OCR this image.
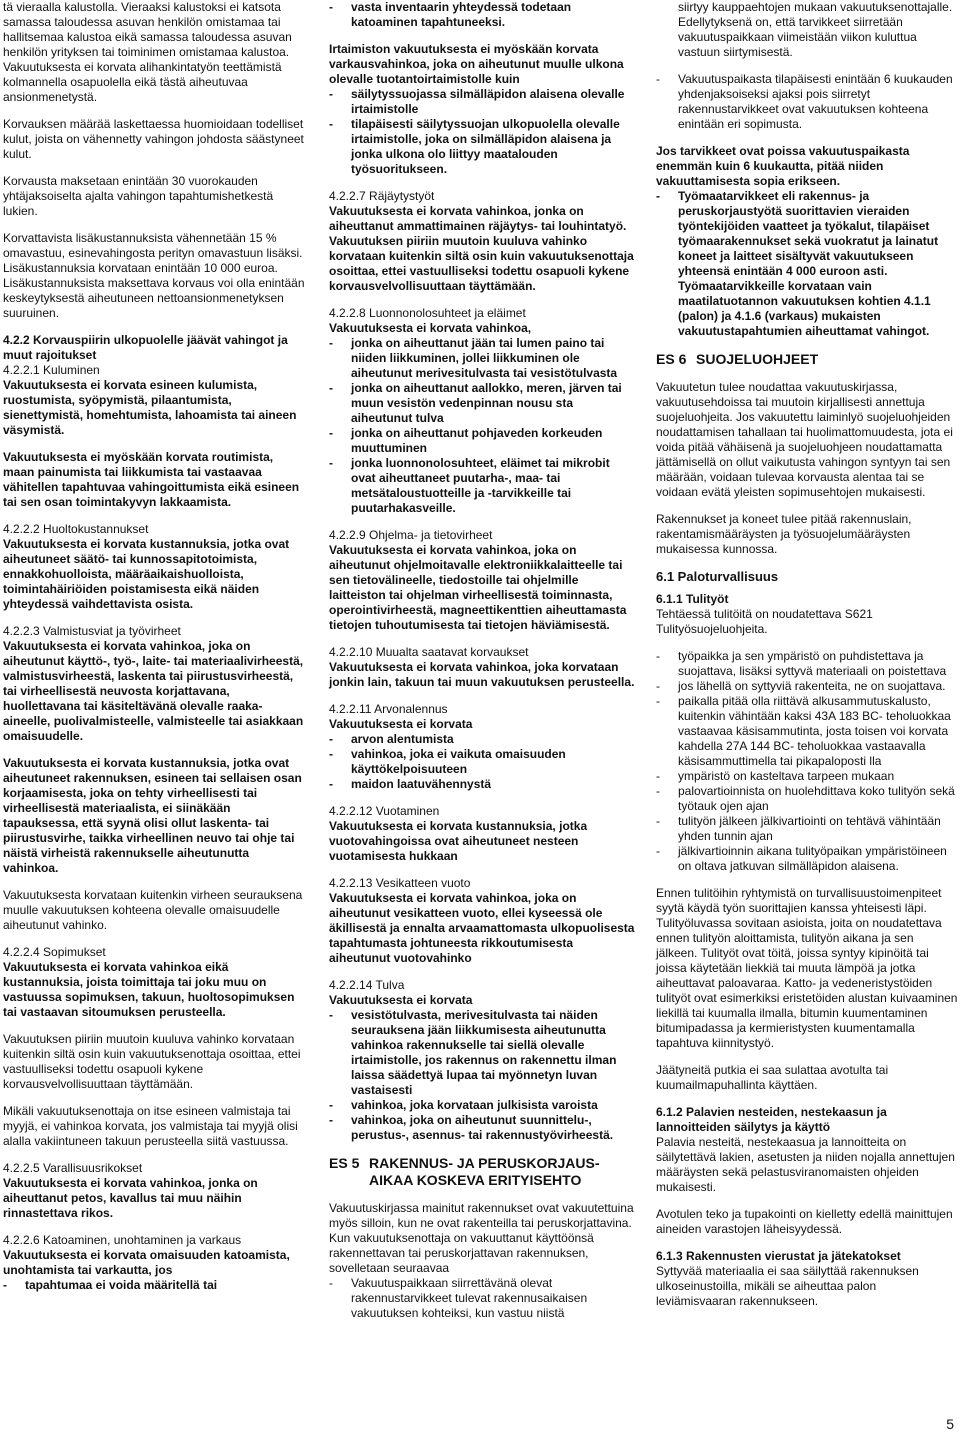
tä vieraalla kalustolla. Vieraaksi kalustoksi ei katsota samassa taloudessa asuvan henkilön omistamaa tai hallitsemaa kalustoa eikä samassa taloudessa asuvan henkilön yrityksen tai toiminimen omistamaa kalustoa. Vakuutuksesta ei korvata alihankintatyön teettämistä kolmannella osapuolella eikä tästä aiheutuvaa ansionmenetystä.

Korvauksen määrää laskettaessa huomioidaan todelliset kulut, joista on vähennetty vahingon johdosta säästyneet kulut.

Korvausta maksetaan enintään 30 vuorokauden yhtäjaksoiselta ajalta vahingon tapahtumishetkestä lukien.

Korvattavista lisäkustannuksista vähennetään 15 % omavastuu, esinevahingosta perityn omavastuun lisäksi. Lisäkustannuksia korvataan enintään 10 000 euroa. Lisäkustannuksista maksettava korvaus voi olla enintään keskeytyksestä aiheutuneen nettoansionmenetyksen suuruinen.

4.2.2 Korvauspiirin ulkopuolelle jäävät vahingot ja muut rajoitukset

4.2.2.1 Kuluminen

Vakuutuksesta ei korvata esineen kulumista, ruostumista, syöpymistä, pilaantumista, sienettymistä, homehtumista, lahoamista tai aineen väsymistä.

Vakuutuksesta ei myöskään korvata routimista, maan painumista tai liikkumista tai vastaavaa vähitellen tapahtuvaa vahingoittumista eikä esineen tai sen osan toimintakyvyn lakkaamista.

4.2.2.2 Huoltokustannukset

Vakuutuksesta ei korvata kustannuksia, jotka ovat aiheutuneet säätö- tai kunnossapitotoimista, ennakkohuolloista, määräaikaishuolloista, toimintahäiriöiden poistamisesta eikä näiden yhteydessä vaihdettavista osista.

4.2.2.3 Valmistusviat ja työvirheet

Vakuutuksesta ei korvata vahinkoa, joka on aiheutunut käyttö-, työ-, laite- tai materiaalivirheestä, valmistusvirheestä, laskenta tai piirustusvirheestä, tai virheellisestä neuvosta korjattavana, huollettavana tai käsiteltävänä olevalle raaka-aineelle, puolivalmisteelle, valmisteelle tai asiakkaan omaisuudelle.

Vakuutuksesta ei korvata kustannuksia, jotka ovat aiheutuneet rakennuksen, esineen tai sellaisen osan korjaamisesta, joka on tehty virheellisesti tai virheellisestä materiaalista, ei siinäkään tapauksessa, että syynä olisi ollut laskenta- tai piirustusvirhe, taikka virheellinen neuvo tai ohje tai näistä virheistä rakennukselle aiheutunutta vahinkoa.

Vakuutuksesta korvataan kuitenkin virheen seurauksena muulle vakuutuksen kohteena olevalle omaisuudelle aiheutunut vahinko.

4.2.2.4 Sopimukset

Vakuutuksesta ei korvata vahinkoa eikä kustannuksia, joista toimittaja tai joku muu on vastuussa sopimuksen, takuun, huoltosopimuksen tai vastaavan sitoumuksen perusteella.

Vakuutuksen piiriin muutoin kuuluva vahinko korvataan kuitenkin siltä osin kuin vakuutuksenottaja osoittaa, ettei vastuulliseksi todettu osapuoli kykene korvausvelvollisuuttaan täyttämään.

Mikäli vakuutuksenottaja on itse esineen valmistaja tai myyjä, ei vahinkoa korvata, jos valmistaja tai myyjä olisi alalla vakiintuneen takuun perusteella siitä vastuussa.

4.2.2.5 Varallisuusrikokset

Vakuutuksesta ei korvata vahinkoa, jonka on aiheuttanut petos, kavallus tai muu näihin rinnastettava rikos.

4.2.2.6 Katoaminen, unohtaminen ja varkaus

Vakuutuksesta ei korvata omaisuuden katoamista, unohtamista tai varkautta, jos

- tapahtumaa ei voida määritellä tai

- vasta inventaarin yhteydessä todetaan katoaminen tapahtuneeksi.

Irtaimiston vakuutuksesta ei myöskään korvata varkausvahinkoa, joka on aiheutunut muulle ulkona olevalle tuotantoirtaimistolle kuin

- säilytyssuojassa silmälläpidon alaisena olevalle irtaimistolle

- tilapäisesti säilytyssuojan ulkopuolella olevalle irtaimistolle, joka on silmälläpidon alaisena ja jonka ulkona olo liittyy maatalouden työsuoritukseen.

4.2.2.7 Räjäytystyöt

Vakuutuksesta ei korvata vahinkoa, jonka on aiheuttanut ammattimainen räjäytys- tai louhintatyö. Vakuutuksen piiriin muutoin kuuluva vahinko korvataan kuitenkin siltä osin kuin vakuutuksenottaja osoittaa, ettei vastuulliseksi todettu osapuoli kykene korvausvelvollisuuttaan täyttämään.

4.2.2.8 Luonnonolosuhteet ja eläimet

Vakuutuksesta ei korvata vahinkoa,

- jonka on aiheuttanut jään tai lumen paino tai niiden liikkuminen, jollei liikkuminen ole aiheutunut merivesitulvasta tai vesistötulvasta

- jonka on aiheuttanut aallokko, meren, järven tai muun vesistön vedenpinnan nousu sta aiheutunut tulva

- jonka on aiheuttanut pohjaveden korkeuden muuttuminen

- jonka luonnonolosuhteet, eläimet tai mikrobit ovat aiheuttaneet puutarha-, maa- tai metsätaloustuotteille ja -tarvikkeille tai puutarhakasveille.

4.2.2.9 Ohjelma- ja tietovirheet

Vakuutuksesta ei korvata vahinkoa, joka on aiheutunut ohjelmoitavalle elektroniikkalaitteelle tai sen tietovälineelle, tiedostoille tai ohjelmille laitteiston tai ohjelman virheellisestä toiminnasta, operointivirheestä, magneettikenttien aiheuttamasta tietojen tuhoutumisesta tai tietojen häviämisestä.

4.2.2.10 Muualta saatavat korvaukset

Vakuutuksesta ei korvata vahinkoa, joka korvataan jonkin lain, takuun tai muun vakuutuksen perusteella.

4.2.2.11 Arvonalennus

Vakuutuksesta ei korvata

- arvon alentumista

- vahinkoa, joka ei vaikuta omaisuuden käyttökelpoisuuteen

- maidon laatuvähennystä

4.2.2.12 Vuotaminen

Vakuutuksesta ei korvata kustannuksia, jotka vuotovahingoissa ovat aiheutuneet nesteen vuotamisesta hukkaan

4.2.2.13 Vesikatteen vuoto

Vakuutuksesta ei korvata vahinkoa, joka on aiheutunut vesikatteen vuoto, ellei kyseessä ole äkillisestä ja ennalta arvaamattomasta ulkopuolisesta tapahtumasta johtuneesta rikkoutumisesta aiheutunut vuotovahinko

4.2.2.14 Tulva

Vakuutuksesta ei korvata

- vesistötulvasta, merivesitulvasta tai näiden seurauksena jään liikkumisesta aiheutunutta vahinkoa rakennukselle tai siellä olevalle irtaimistolle, jos rakennus on rakennettu ilman laissa säädettyä lupaa tai myönnetyn luvan vastaisesti

- vahinkoa, joka korvataan julkisista varoista

- vahinkoa, joka on aiheutunut suunnittelu-, perustus-, asennus- tai rakennustyövirheestä.

ES 5 RAKENNUS- JA PERUSKORJAUS-
AIKAA KOSKEVA ERITYISEHTO

Vakuutuskirjassa mainitut rakennukset ovat vakuutettuina myös silloin, kun ne ovat rakenteilla tai peruskorjattavina. Kun vakuutuksenottaja on vakuuttanut käyttöönsä rakennettavan tai peruskorjattavan rakennuksen, sovelletaan seuraavaa

- Vakuutuspaikkaan siirrettävänä olevat rakennustarvikkeet tulevat rakennusaikaisen vakuutuksen kohteiksi, kun vastuu niistä

siirtyy kauppaehtojen mukaan vakuutuksenottajalle. Edellytyksenä on, että tarvikkeet siirretään vakuutuspaikkaan viimeistään viikon kuluttua vastuun siirtymisestä.

- Vakuutuspaikasta tilapäisesti enintään 6 kuukauden yhdenjaksoiseksi ajaksi pois siirretyt rakennustarvikkeet ovat vakuutuksen kohteena enintään eri sopimusta.

Jos tarvikkeet ovat poissa vakuutuspaikasta enemmän kuin 6 kuukautta, pitää niiden vakuuttamisesta sopia erikseen.

- Työmaatarvikkeet eli rakennus- ja peruskorjaustyötä suorittavien vieraiden työntekijöiden vaatteet ja työkalut, tilapäiset työmaarakennukset sekä vuokratut ja lainatut koneet ja laitteet sisältyvät vakuutukseen yhteensä enintään 4 000 euroon asti. Työmaatarvikkeille korvataan vain maatilatuotannon vakuutuksen kohtien 4.1.1 (palon) ja 4.1.6 (varkaus) mukaisten vakuutustapahtumien aiheuttamat vahingot.

ES 6 SUOJELUOHJEET

Vakuutetun tulee noudattaa vakuutuskirjassa, vakuutusehdoissa tai muutoin kirjallisesti annettuja suojeluohjeita. Jos vakuutettu laiminlyö suojeluohjeiden noudattamisen tahallaan tai huolimattomuudesta, jota ei voida pitää vähäisenä ja suojeluohjeen noudattamatta jättämisellä on ollut vaikutusta vahingon syntyyn tai sen määrään, voidaan tulevaa korvausta alentaa tai se voidaan evätä yleisten sopimusehtojen mukaisesti.

Rakennukset ja koneet tulee pitää rakennuslain, rakentamismääräysten ja työsuojelumääräysten mukaisessa kunnossa.

6.1 Paloturvallisuus

6.1.1 Tulityöt

Tehtäessä tulitöitä on noudatettava S621 Tulityösuojeluohjeita.

- työpaikka ja sen ympäristö on puhdistettava ja suojattava, lisäksi syttyvä materiaali on poistettava

- jos lähellä on syttyviä rakenteita, ne on suojattava.

- paikalla pitää olla riittävä alkusammutuskalusto, kuitenkin vähintään kaksi 43A 183 BC- teholuokkaa vastaavaa käsisammutinta, josta toisen voi korvata kahdella 27A 144 BC- teholuokkaa vastaavalla käsisammuttimella tai pikapaloposti lla

- ympäristö on kasteltava tarpeen mukaan

- palovartioinnista on huolehdittava koko tulityön sekä työtauk ojen ajan

- tulityön jälkeen jälkivartiointi on tehtävä vähintään yhden tunnin ajan

- jälkivartioinnin aikana tulityöpaikan ympäristöineen on oltava jatkuvan silmälläpidon alaisena.

Ennen tulitöihin ryhtymistä on turvallisuustoimenpiteet syytä käydä työn suorittajien kanssa yhteisesti läpi. Tulityöluvassa sovitaan asioista, joita on noudatettava ennen tulityön aloittamista, tulityön aikana ja sen jälkeen. Tulityöt ovat töitä, joissa syntyy kipinöitä tai joissa käytetään liekkiä tai muuta lämpöä ja jotka aiheuttavat paloavaraa. Katto- ja vedeneristystöiden tulityöt ovat esimerkiksi eristetöiden alustan kuivaaminen liekillä tai kuumalla ilmalla, bitumin kuumentaminen bitumipadassa ja kermieristysten kuumentamalla tapahtuva kiinnitystyö.

Jäätyneitä putkia ei saa sulattaa avotulta tai kuumailmapuhallinta käyttäen.

6.1.2 Palavien nesteiden, nestekaasun ja lannoitteiden säilytys ja käyttö

Palavia nesteitä, nestekaasua ja lannoitteita on säilytettävä lakien, asetusten ja niiden nojalla annettujen määräysten sekä pelastusviranomaisten ohjeiden mukaisesti.

Avotulen teko ja tupakointi on kielletty edellä mainittujen aineiden varastojen läheisyydessä.

6.1.3 Rakennusten vierustat ja jätekatokset

Syttyvää materiaalia ei saa säilyttää rakennuksen ulkoseinustoilla, mikäli se aiheuttaa palon leviämisvaaran rakennukseen.

5
